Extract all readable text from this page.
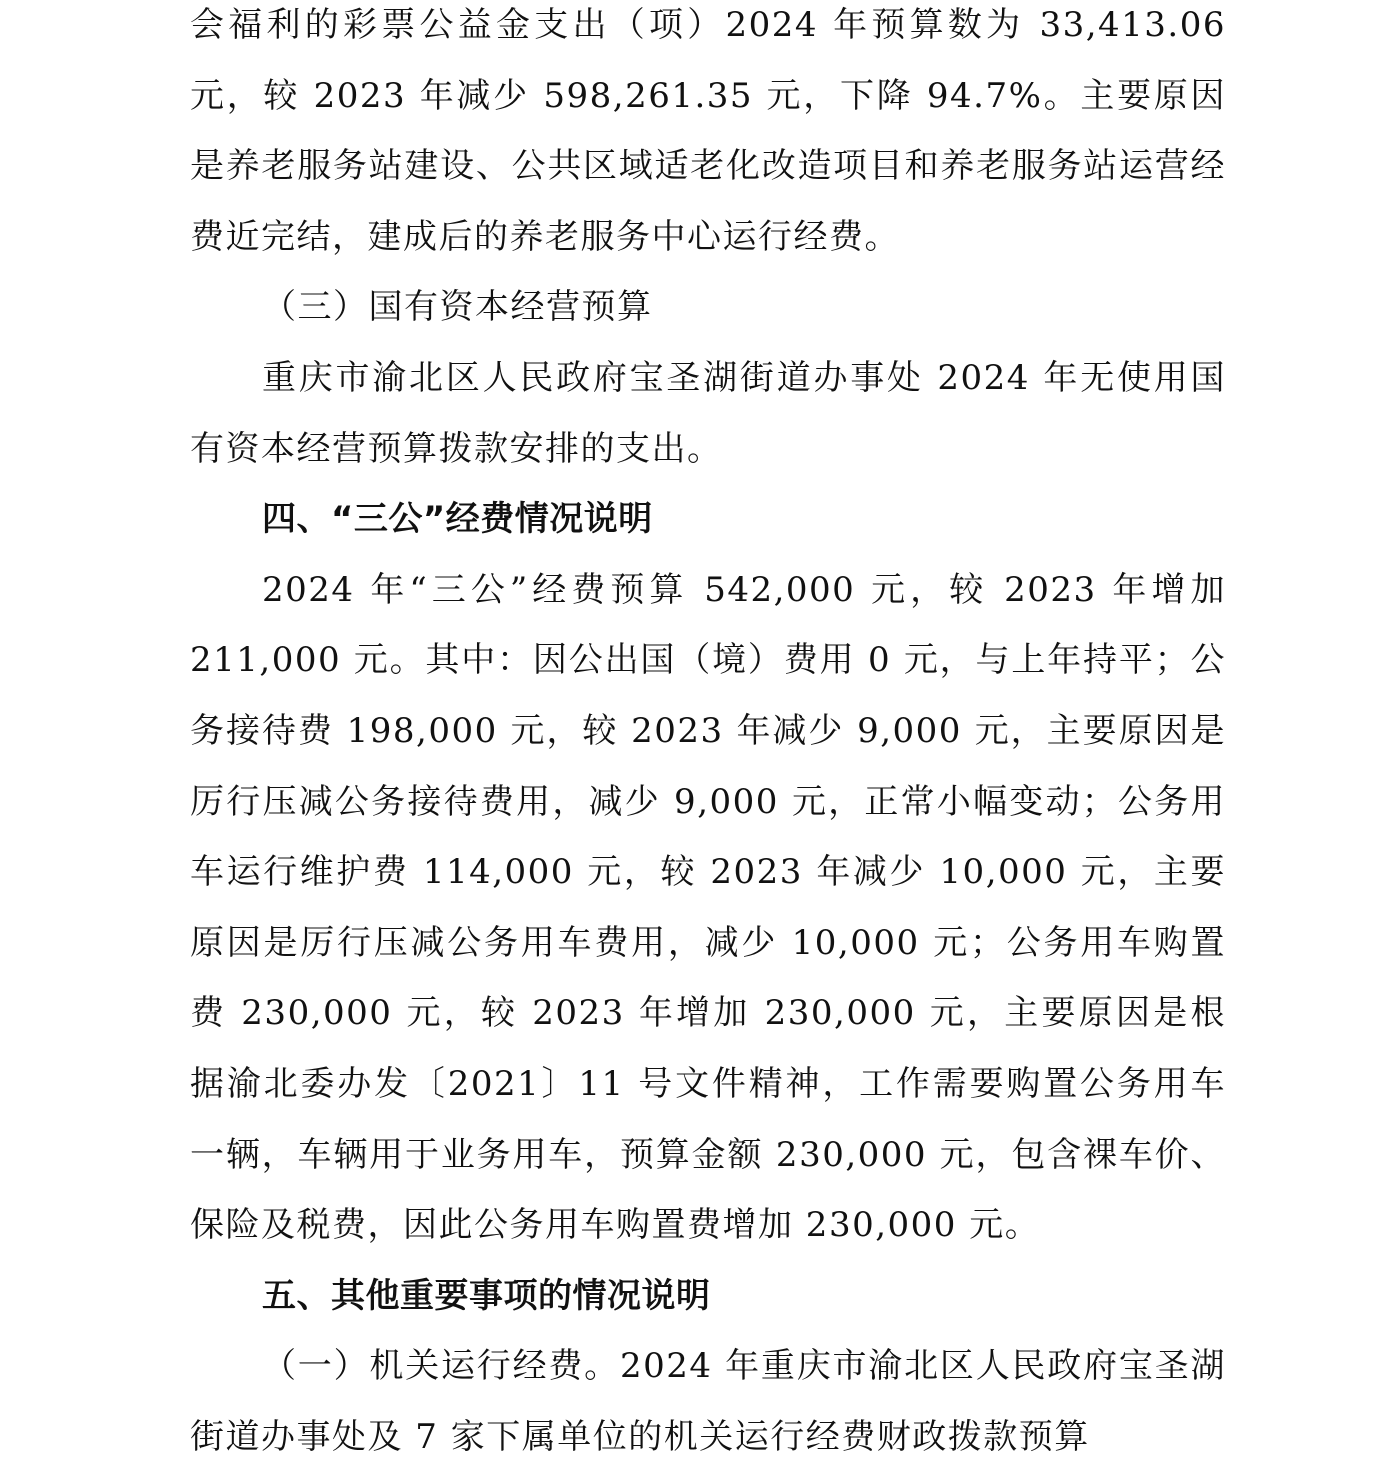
会福利的彩票公益金支出（项）2024 年预算数为 33,413.06 元，较 2023 年减少 598,261.35 元，下降 94.7%。主要原因是养老服务站建设、公共区域适老化改造项目和养老服务站运营经费近完结，建成后的养老服务中心运行经费。

（三）国有资本经营预算

重庆市渝北区人民政府宝圣湖街道办事处 2024 年无使用国有资本经营预算拨款安排的支出。

四、“三公”经费情况说明

2024 年“三公”经费预算 542,000 元，较 2023 年增加 211,000 元。其中：因公出国（境）费用 0 元，与上年持平；公务接待费 198,000 元，较 2023 年减少 9,000 元，主要原因是厉行压减公务接待费用，减少 9,000 元，正常小幅变动；公务用车运行维护费 114,000 元，较 2023 年减少 10,000 元，主要原因是厉行压减公务用车费用，减少 10,000 元；公务用车购置费 230,000 元，较 2023 年增加 230,000 元，主要原因是根据渝北委办发〔2021〕11 号文件精神，工作需要购置公务用车一辆，车辆用于业务用车，预算金额 230,000 元，包含裸车价、保险及税费，因此公务用车购置费增加 230,000 元。

五、其他重要事项的情况说明

（一）机关运行经费。2024 年重庆市渝北区人民政府宝圣湖街道办事处及 7 家下属单位的机关运行经费财政拨款预算
